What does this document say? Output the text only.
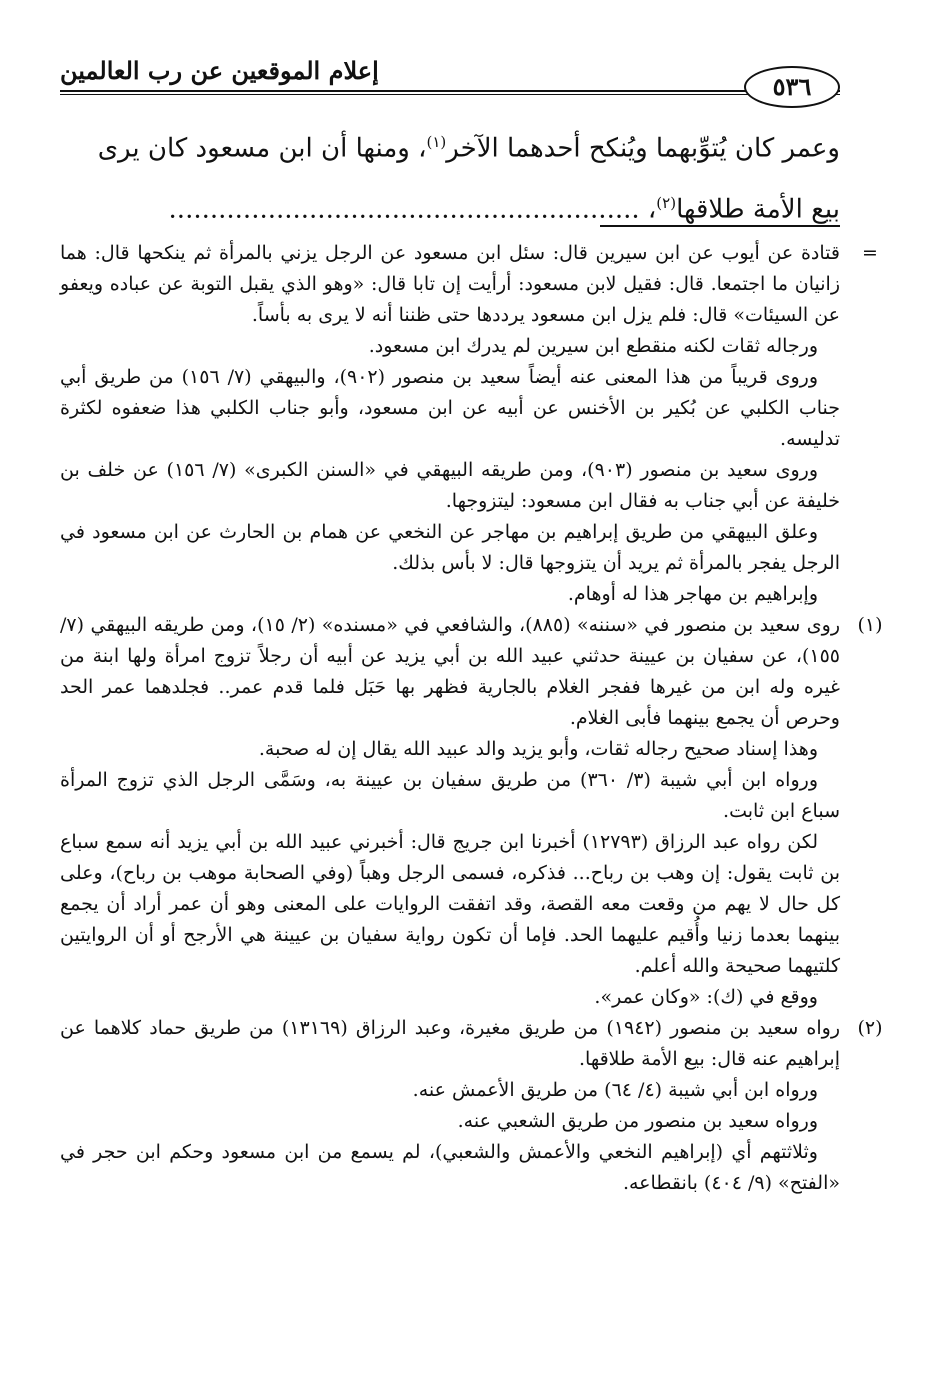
٥٣٦
إعلام الموقعين عن رب العالمين

وعمر كان يُتوِّبهما ويُنكح أحدهما الآخر$^{(١)}$، ومنها أن ابن مسعود كان يرى

بيع الأمة طلاقها$^{(٢)}$، .........................................................

=

قتادة عن أيوب عن ابن سيرين قال: سئل ابن مسعود عن الرجل يزني بالمرأة ثم ينكحها قال: هما زانيان ما اجتمعا. قال: فقيل لابن مسعود: أرأيت إن تابا قال: «وهو الذي يقبل التوبة عن عباده ويعفو عن السيئات» قال: فلم يزل ابن مسعود يرددها حتى ظننا أنه لا يرى به بأساً.

ورجاله ثقات لكنه منقطع ابن سيرين لم يدرك ابن مسعود.

وروى قريباً من هذا المعنى عنه أيضاً سعيد بن منصور (٩٠٢)، والبيهقي (٧/ ١٥٦) من طريق أبي جناب الكلبي عن بُكير بن الأخنس عن أبيه عن ابن مسعود، وأبو جناب الكلبي هذا ضعفوه لكثرة تدليسه.

وروى سعيد بن منصور (٩٠٣)، ومن طريقه البيهقي في «السنن الكبرى» (٧/ ١٥٦) عن خلف بن خليفة عن أبي جناب به فقال ابن مسعود: ليتزوجها.

وعلق البيهقي من طريق إبراهيم بن مهاجر عن النخعي عن همام بن الحارث عن ابن مسعود في الرجل يفجر بالمرأة ثم يريد أن يتزوجها قال: لا بأس بذلك.

وإبراهيم بن مهاجر هذا له أوهام.

(١)

روى سعيد بن منصور في «سننه» (٨٨٥)، والشافعي في «مسنده» (٢/ ١٥)، ومن طريقه البيهقي (٧/ ١٥٥)، عن سفيان بن عيينة حدثني عبيد الله بن أبي يزيد عن أبيه أن رجلاً تزوج امرأة ولها ابنة من غيره وله ابن من غيرها ففجر الغلام بالجارية فظهر بها حَبَل فلما قدم عمر.. فجلدهما عمر الحد وحرص أن يجمع بينهما فأبى الغلام.

وهذا إسناد صحيح رجاله ثقات، وأبو يزيد والد عبيد الله يقال إن له صحبة.

ورواه ابن أبي شيبة (٣/ ٣٦٠) من طريق سفيان بن عيينة به، وسَمَّى الرجل الذي تزوج المرأة سباع ابن ثابت.

لكن رواه عبد الرزاق (١٢٧٩٣) أخبرنا ابن جريج قال: أخبرني عبيد الله بن أبي يزيد أنه سمع سباع بن ثابت يقول: إن وهب بن رباح... فذكره، فسمى الرجل وهباً (وفي الصحابة موهب بن رباح)، وعلى كل حال لا يهم من وقعت معه القصة، وقد اتفقت الروايات على المعنى وهو أن عمر أراد أن يجمع بينهما بعدما زنيا وأُقيم عليهما الحد. فإما أن تكون رواية سفيان بن عيينة هي الأرجح أو أن الروايتين كلتيهما صحيحة والله أعلم.

ووقع في (ك): «وكان عمر».

(٢)

رواه سعيد بن منصور (١٩٤٢) من طريق مغيرة، وعبد الرزاق (١٣١٦٩) من طريق حماد كلاهما عن إبراهيم عنه قال: بيع الأمة طلاقها.

ورواه ابن أبي شيبة (٤/ ٦٤) من طريق الأعمش عنه.

ورواه سعيد بن منصور من طريق الشعبي عنه.

وثلاثتهم أي (إبراهيم النخعي والأعمش والشعبي)، لم يسمع من ابن مسعود وحكم ابن حجر في «الفتح» (٩/ ٤٠٤) بانقطاعه.
